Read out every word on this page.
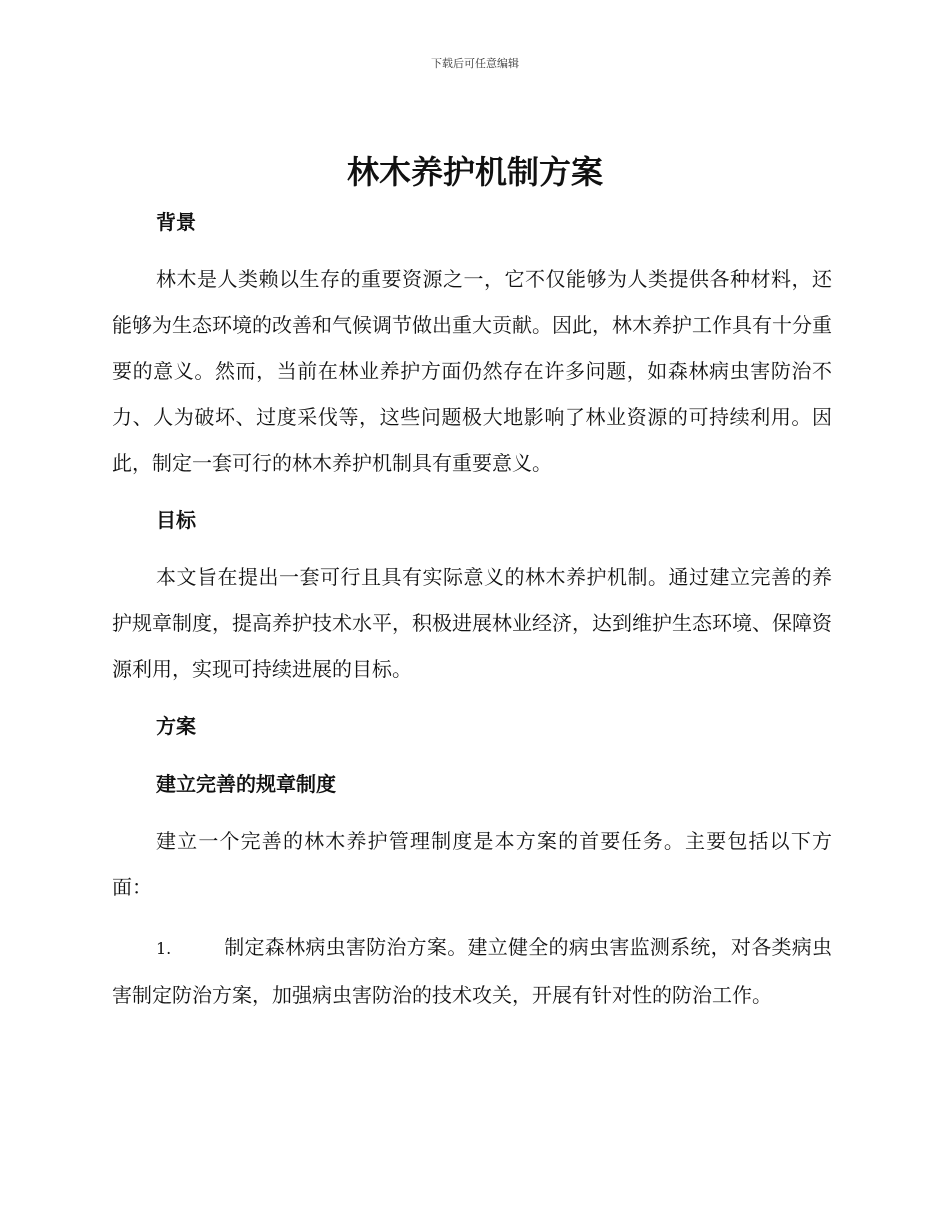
下载后可任意编辑
林木养护机制方案
背景

林木是人类赖以生存的重要资源之一，它不仅能够为人类提供各种材料，还能够为生态环境的改善和气候调节做出重大贡献。因此，林木养护工作具有十分重要的意义。然而，当前在林业养护方面仍然存在许多问题，如森林病虫害防治不力、人为破坏、过度采伐等，这些问题极大地影响了林业资源的可持续利用。因此，制定一套可行的林木养护机制具有重要意义。

目标

本文旨在提出一套可行且具有实际意义的林木养护机制。通过建立完善的养护规章制度，提高养护技术水平，积极进展林业经济，达到维护生态环境、保障资源利用，实现可持续进展的目标。

方案
建立完善的规章制度

建立一个完善的林木养护管理制度是本方案的首要任务。主要包括以下方面：

1.	制定森林病虫害防治方案。建立健全的病虫害监测系统，对各类病虫害制定防治方案，加强病虫害防治的技术攻关，开展有针对性的防治工作。
